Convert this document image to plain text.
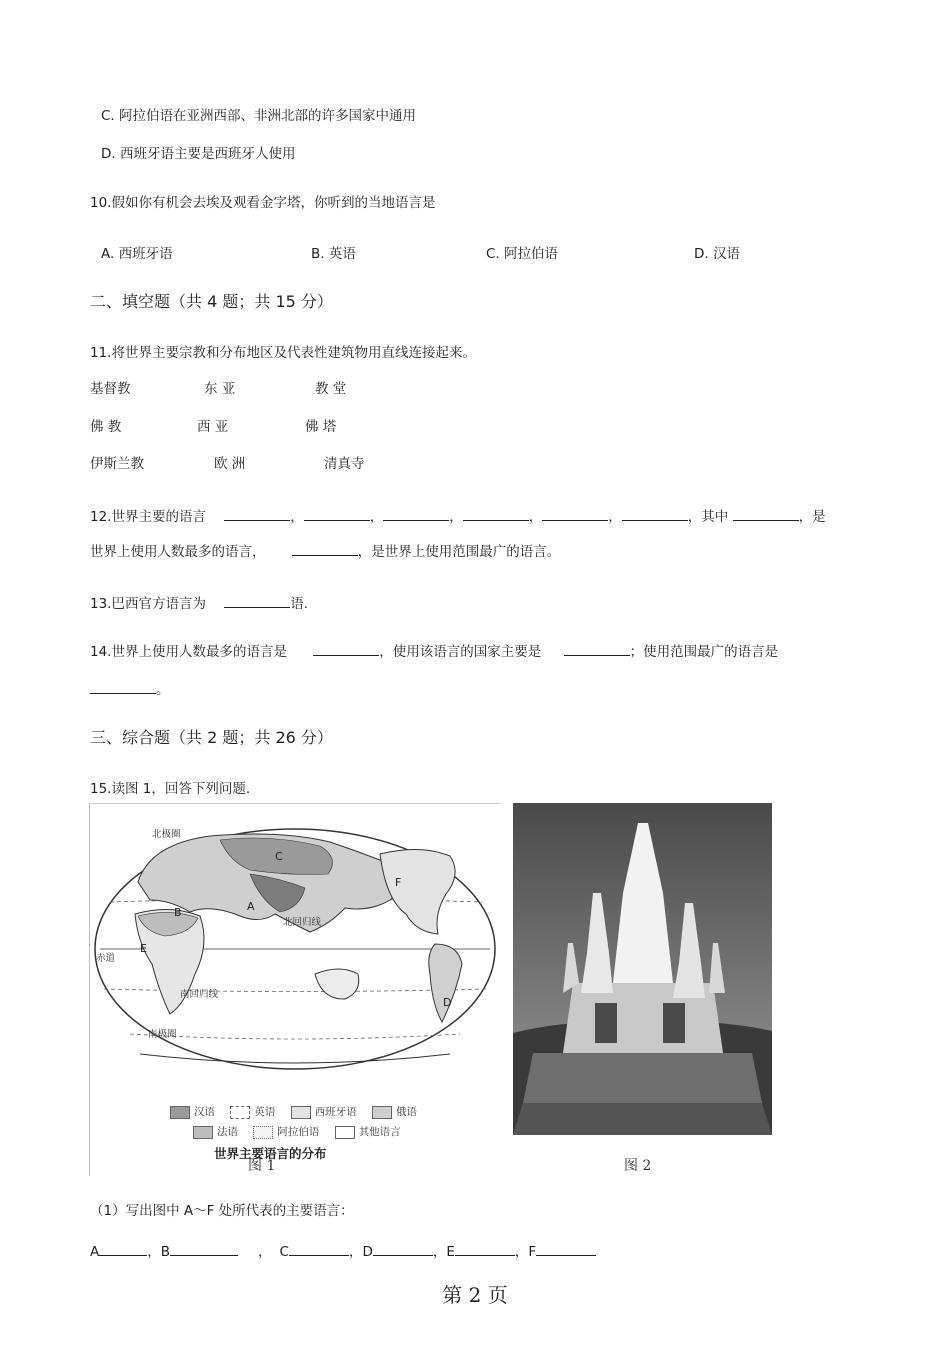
C. 阿拉伯语在亚洲西部、非洲北部的许多国家中通用
D. 西班牙语主要是西班牙人使用
10.假如你有机会去埃及观看金字塔，你听到的当地语言是
A. 西班牙语	B. 英语	C. 阿拉伯语	D. 汉语
二、填空题（共 4 题；共 15 分）
11.将世界主要宗教和分布地区及代表性建筑物用直线连接起来。
基督教	东 亚	教 堂
佛 教	西 亚	佛 塔
伊斯兰教	欧 洲	清真寺
12.世界主要的语言	，	，	，	，	，	，其中	，是
世界上使用人数最多的语言，	，是世界上使用范围最广的语言。
13.巴西官方语言为	语.
14.世界上使用人数最多的语言是	，使用该语言的国家主要是	；使用范围最广的语言是
。
三、综合题（共 2 题；共 26 分）
15.读图 1，回答下列问题.
北极圈
北回归线
赤道
南回归线
南极圈
A
B
C
D
E
F
汉语	英语	西班牙语	俄语
法语	阿拉伯语	其他语言
世界主要语言的分布
图 1	图 2
（1）写出图中 A～F 处所代表的主要语言：
A	，B	， C	，D	，E	，F
第 2 页
